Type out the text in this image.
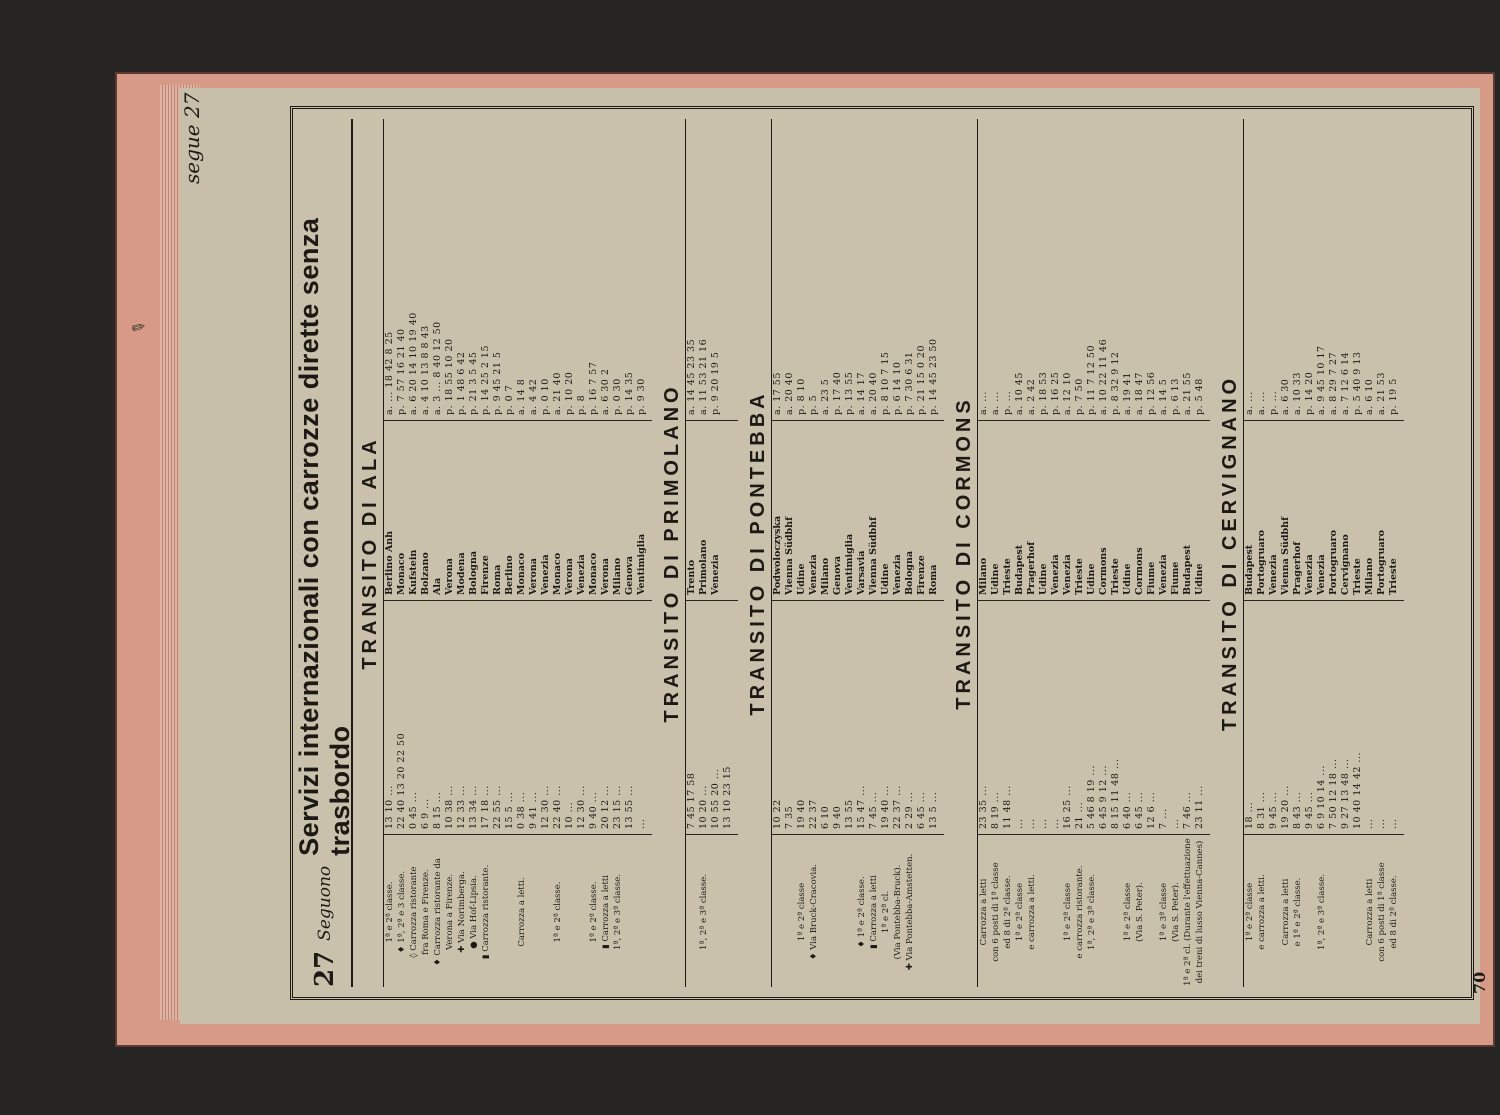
✎
segue 27
27
Seguono
Servizi internazionali con carrozze dirette senza trasbordo
TRANSITO DI ALA
1ª e 2ª classe.
13 10 ...
Berlino Anh
a. ... 18 42 8 25
♦ 1ª, 2ª e 3 classe.
22 40 13 20 22 50
Monaco
p. 7 57 16 21 40
◊ Carrozza ristorante
0 45 ...
Kufstein
a. 6 20 14 10 19 40
fra Roma e Firenze.
6 9 ...
Bolzano
a. 4 10 13 8 8 43
♦ Carrozza ristorante da
8 15 ...
Ala
a. 3 ... 8 40 12 50
Verona a Firenze.
10 38 ...
Verona
p. 18 55 10 20
✚ Via Norimberga.
12 33 ...
Modena
p. 1 48 6 42
● Via Hof-Lipsia.
13 34 ...
Bologna
p. 21 3 5 45
▮ Carrozza ristorante.
17 18 ...
Firenze
p. 14 25 2 15
22 55 ...
Roma
p. 9 45 21 5
15 5 ...
Berlino
p. 0 7
Carrozza a letti.
0 38 ...
Monaco
a. 14 8
9 41 ...
Verona
a. 4 42
12 30 ...
Venezia
p. 0 10
1ª e 2ª classe.
22 40 ...
Monaco
a. 21 40
10 ...
Verona
p. 10 20
12 30 ...
Venezia
p. 8
1ª e 2ª classe.
9 40 ...
Monaco
p. 16 7 57
▮ Carrozza a letti
20 12 ...
Verona
a. 6 30 2
1ª, 2ª e 3ª classe.
23 15 ...
Milano
p. 0 30
13 55 ...
Genova
p. 14 35
...
Ventimiglia
p. 9 30 TRANSITO DI PRIMOLANO
7 45 17 58
Trento
a. 14 45 23 35
1ª, 2ª e 3ª classe.
10 20 ...
Primolano
a. 11 53 21 16
10 55 20 ...
Venezia
p. 9 20 19 5
13 10 23 15
TRANSITO DI PONTEBBA
10 22
Podwoloczyska
a. 17 55
7 35
Vienna Südbhf
a. 20 40
1ª e 2ª classe
19 40
Udine
p. 8 10
♦ Via Bruck-Cracovia.
22 37
Venezia
p. 5
6 10
Milano
a. 23 5
9 40
Genova
p. 17 40
13 55
Ventimiglia
p. 13 55
♦ 1ª e 2ª classe.
15 47 ...
Varsavia
a. 14 17
▮ Carrozza a letti
7 45 ...
Vienna Südbhf
a. 20 40
1ª e 2ª cl.
19 40 ...
Udine
p. 8 10 7 15
(Via Pontebba-Bruck).
22 37 ...
Venezia
p. 6 14 10
✚ Via Pontebba-Amstetten.
2 29 ...
Bologna
p. 7 30 6 31
6 45 ...
Firenze
p. 21 15 0 20
13 5 ...
Roma
p. 14 45 23 50
TRANSITO DI CORMONS
Carrozza a letti
23 35 ...
Milano
a. ...
con 6 posti di 1ª classe
8 19 ...
Udine
a. ...
ed 8 di 2ª classe.
11 48 ...
Trieste
p. ...
1ª e 2ª classe
...
Budapest
a. 10 45
e carrozza a letti.
...
Pragerhof
a. 2 42
...
Udine
p. 18 53
...
Venezia
p. 16 25
1ª e 2ª classe
16 25 ...
Venezia
a. 12 10
e carrozza ristorante.
21 ...
Trieste
p. 7 50
1ª, 2ª e 3ª classe.
5 46 8 19 ...
Udine
p. 11 7 12 50
6 45 9 12 ...
Cormons
a. 10 22 11 46
8 15 11 48 ...
Trieste
p. 8 32 9 12
1ª e 2ª classe
6 40 ...
Udine
a. 19 41
(Via S. Peter).
6 45 ...
Cormons
a. 18 47
12 6 ...
Fiume
p. 12 56
1ª e 3ª classe
7 ...
Venezia
a. 14 5
(Via S. Peter).
...
Fiume
p. 6 13
1ª e 2ª cl. (Durante l'effettuazione
7 46 ...
Budapest
a. 21 55
dei treni di lusso Vienna-Cannes)
23 11 ...
Udine
p. 5 48 TRANSITO DI CERVIGNANO
1ª e 2ª classe
18 ...
Budapest
a. ...
e carrozza a letti.
8 31 ...
Portogruaro
a. ...
9 45 ...
Venezia
p. ...
Carrozza a letti
19 20 ...
Vienna Südbhf
a. 6 30
e 1ª e 2ª classe.
8 43 ...
Pragerhof
a. 10 33
9 45 ...
Venezia
p. 14 20
1ª, 2ª e 3ª classe.
6 9 10 14 ...
Venezia
a. 9 45 10 17
7 50 12 18 ...
Portogruaro
a. 8 29 7 27
9 27 13 48 ...
Cervignano
a. 7 12 6 14
10 40 14 42 ...
Trieste
p. 5 40 9 13
Carrozza a letti
...
Milano
a. 6 10
con 6 posti di 1ª classe
...
Portogruaro
a. 21 53
ed 8 di 2ª classe.
...
Trieste
p. 19 5
70
